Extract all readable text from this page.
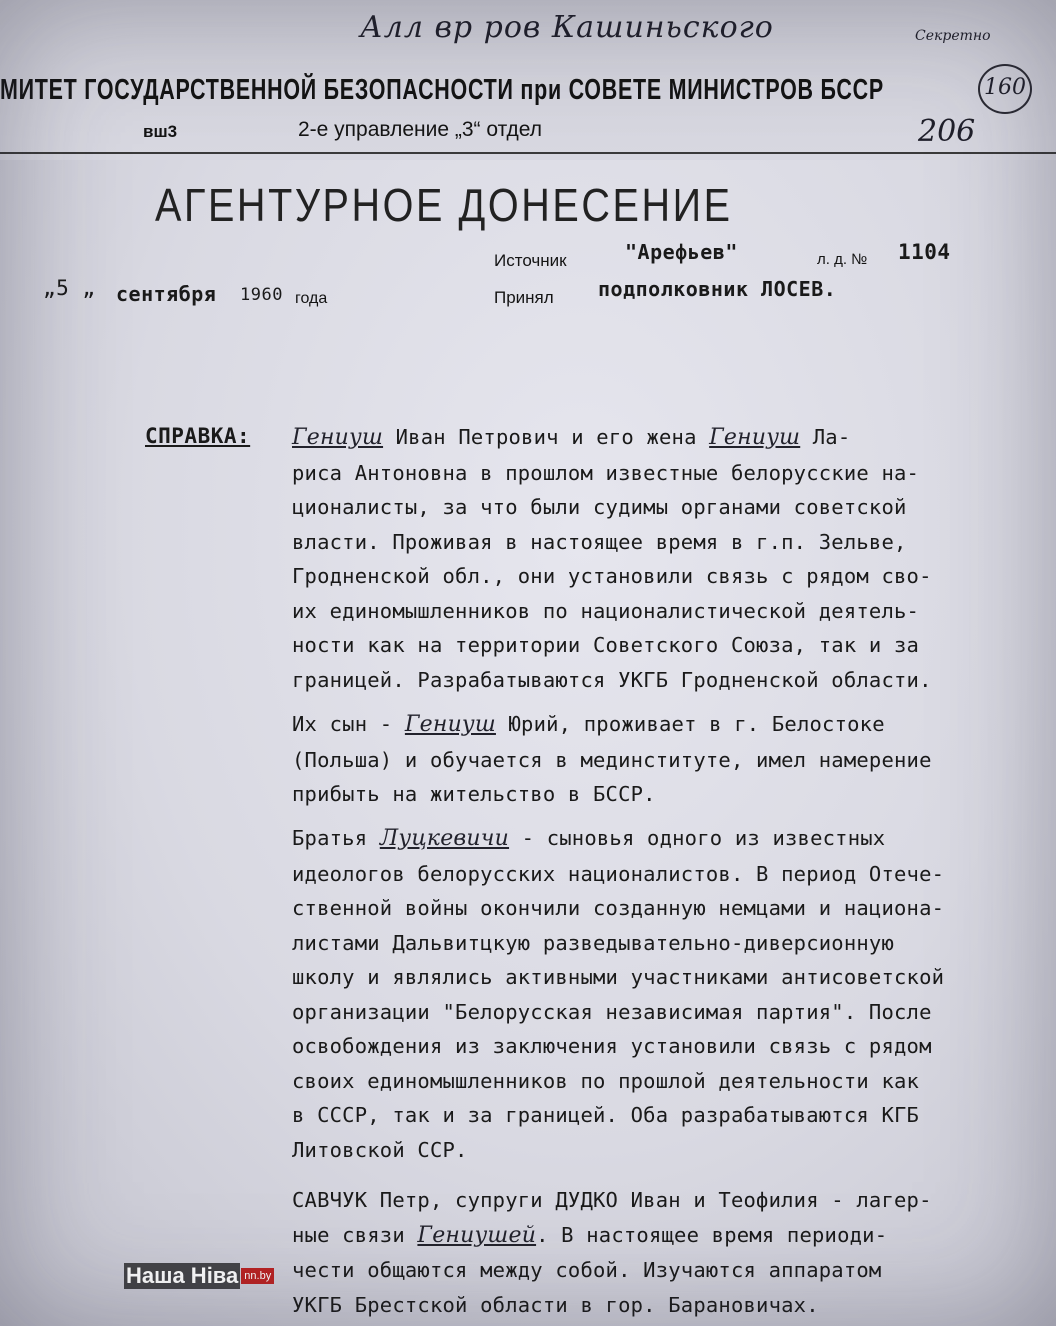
Алл вр ров Кашиньского	Секретно
МИТЕТ ГОСУДАРСТВЕННОЙ БЕЗОПАСНОСТИ при СОВЕТЕ МИНИСТРОВ БССР	160
вш3	2-е управление „3“ отдел	206
АГЕНТУРНОЕ ДОНЕСЕНИЕ
Источник	"Арефьев"	л. д. № 1104
„5 „ сентября 1960 года	Принял подполковник ЛОСЕВ.
СПРАВКА: Гениуш Иван Петрович и его жена Гениуш Ла-
риса Антоновна в прошлом известные белорусские на-
ционалисты, за что были судимы органами советской
власти. Проживая в настоящее время в г.п. Зельве,
Гродненской обл., они установили связь с рядом сво-
их единомышленников по националистической деятель-
ности как на территории Советского Союза, так и за
границей. Разрабатываются УКГБ Гродненской области.
Их сын - Гениуш Юрий, проживает в г. Белостоке
(Польша) и обучается в мединституте, имел намерение
прибыть на жительство в БССР.
Братья Луцкевичи - сыновья одного из известных
идеологов белорусских националистов. В период Отече-
ственной войны окончили созданную немцами и национа-
листами Дальвитцкую разведывательно-диверсионную
школу и являлись активными участниками антисоветской
организации "Белорусская независимая партия". После
освобождения из заключения установили связь с рядом
своих единомышленников по прошлой деятельности как
в СССР, так и за границей. Оба разрабатываются КГБ
Литовской ССР.
САВЧУК Петр, супруги ДУДКО Иван и Теофилия - лагер-
ные связи Гениушей. В настоящее время периоди-
чести общаются между собой. Изучаются аппаратом
УКГБ Брестской области в гор. Барановичах.
Наша Ніва nn.by
